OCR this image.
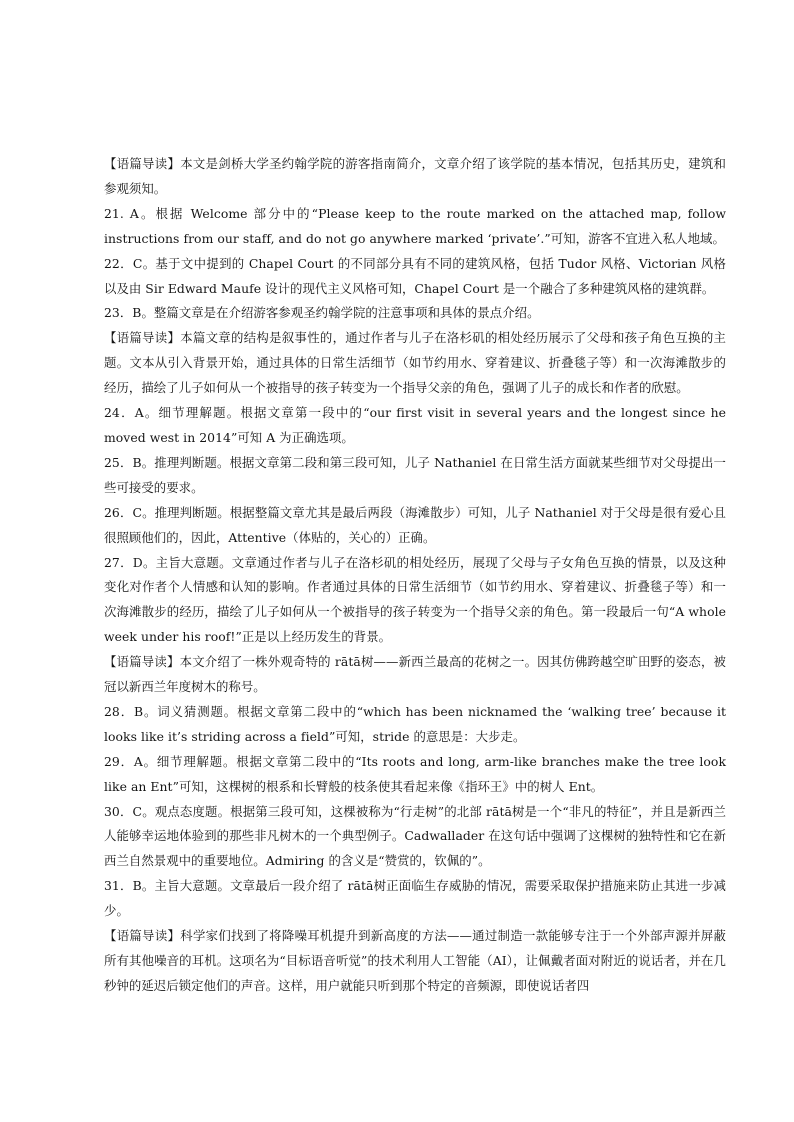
【语篇导读】本文是剑桥大学圣约翰学院的游客指南简介，文章介绍了该学院的基本情况，包括其历史，建筑和参观须知。

21. A。根据 Welcome 部分中的“Please keep to the route marked on the attached map, follow instructions from our staff, and do not go anywhere marked ‘private’.”可知，游客不宜进入私人地域。

22．C。基于文中提到的 Chapel Court 的不同部分具有不同的建筑风格，包括 Tudor 风格、Victorian 风格以及由 Sir Edward Maufe 设计的现代主义风格可知，Chapel Court 是一个融合了多种建筑风格的建筑群。

23．B。整篇文章是在介绍游客参观圣约翰学院的注意事项和具体的景点介绍。

【语篇导读】本篇文章的结构是叙事性的，通过作者与儿子在洛杉矶的相处经历展示了父母和孩子角色互换的主题。文本从引入背景开始，通过具体的日常生活细节（如节约用水、穿着建议、折叠毯子等）和一次海滩散步的经历，描绘了儿子如何从一个被指导的孩子转变为一个指导父亲的角色，强调了儿子的成长和作者的欣慰。

24．A。细节理解题。根据文章第一段中的“our first visit in several years and the longest since he moved west in 2014”可知 A 为正确选项。

25．B。推理判断题。根据文章第二段和第三段可知，儿子 Nathaniel 在日常生活方面就某些细节对父母提出一些可接受的要求。

26．C。推理判断题。根据整篇文章尤其是最后两段（海滩散步）可知，儿子 Nathaniel 对于父母是很有爱心且很照顾他们的，因此，Attentive（体贴的，关心的）正确。

27．D。主旨大意题。文章通过作者与儿子在洛杉矶的相处经历，展现了父母与子女角色互换的情景，以及这种变化对作者个人情感和认知的影响。作者通过具体的日常生活细节（如节约用水、穿着建议、折叠毯子等）和一次海滩散步的经历，描绘了儿子如何从一个被指导的孩子转变为一个指导父亲的角色。第一段最后一句“A whole week under his roof!”正是以上经历发生的背景。

【语篇导读】本文介绍了一株外观奇特的 rātā树——新西兰最高的花树之一。因其仿佛跨越空旷田野的姿态，被冠以新西兰年度树木的称号。

28．B。词义猜测题。根据文章第二段中的“which has been nicknamed the ‘walking tree’ because it looks like it’s striding across a field”可知，stride 的意思是：大步走。

29．A。细节理解题。根据文章第二段中的“Its roots and long, arm-like branches make the tree look like an Ent”可知，这棵树的根系和长臂般的枝条使其看起来像《指环王》中的树人 Ent。

30．C。观点态度题。根据第三段可知，这棵被称为“行走树”的北部 rātā树是一个“非凡的特征”，并且是新西兰人能够幸运地体验到的那些非凡树木的一个典型例子。Cadwallader 在这句话中强调了这棵树的独特性和它在新西兰自然景观中的重要地位。Admiring 的含义是“赞赏的，钦佩的”。

31．B。主旨大意题。文章最后一段介绍了 rātā树正面临生存威胁的情况，需要采取保护措施来防止其进一步减少。

【语篇导读】科学家们找到了将降噪耳机提升到新高度的方法——通过制造一款能够专注于一个外部声源并屏蔽所有其他噪音的耳机。这项名为“目标语音听觉”的技术利用人工智能（AI），让佩戴者面对附近的说话者，并在几秒钟的延迟后锁定他们的声音。这样，用户就能只听到那个特定的音频源，即使说话者四
